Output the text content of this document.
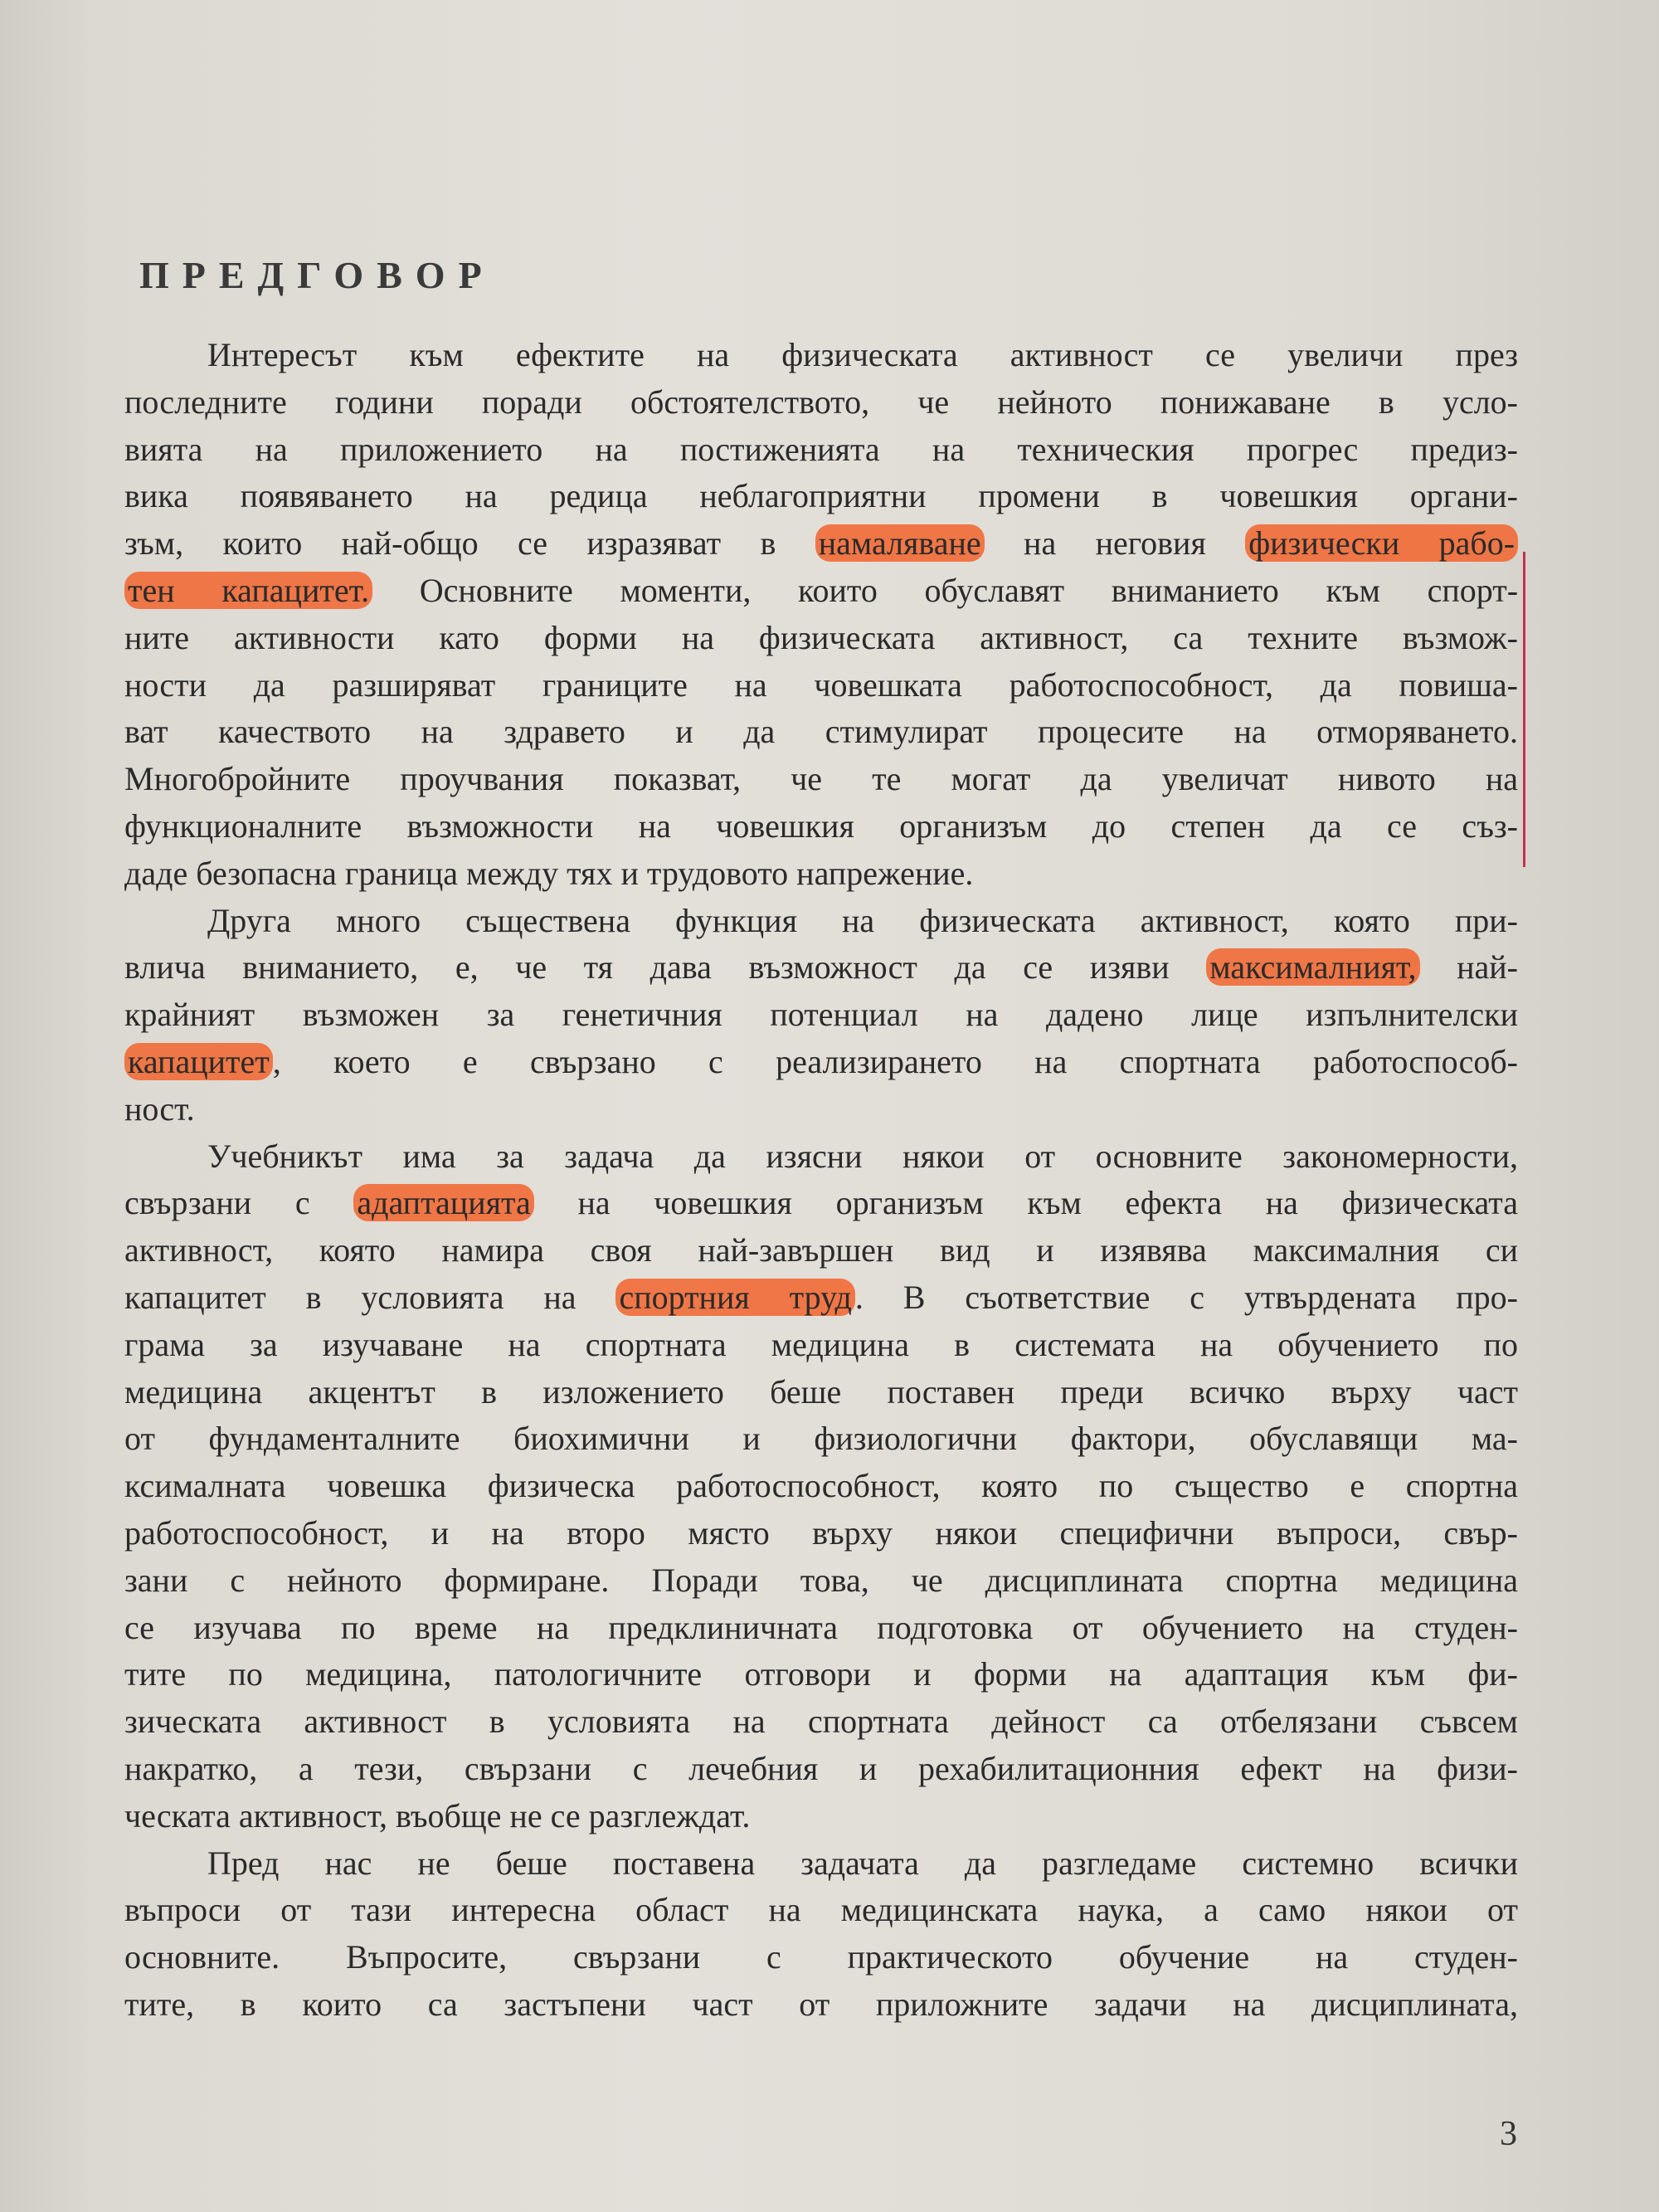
ПРЕДГОВОР
Интересът към ефектите на физическата активност се увеличи през
последните години поради обстоятелството, че нейното понижаване в усло-
вията на приложението на постиженията на техническия прогрес предиз-
вика появяването на редица неблагоприятни промени в човешкия органи-
зъм, които най-общо се изразяват в намаляване на неговия физически рабо-
тен капацитет. Основните моменти, които обуславят вниманието към спорт-
ните активности като форми на физическата активност, са техните възмож-
ности да разширяват границите на човешката работоспособност, да повиша-
ват качеството на здравето и да стимулират процесите на отморяването.
Многобройните проучвания показват, че те могат да увеличат нивото на
функционалните възможности на човешкия организъм до степен да се съз-
даде безопасна граница между тях и трудовото напрежение.
Друга много съществена функция на физическата активност, която при-
влича вниманието, е, че тя дава възможност да се изяви максималният, най-
крайният възможен за генетичния потенциал на дадено лице изпълнителски
капацитет , което е свързано с реализирането на спортната работоспособ-
ност.
Учебникът има за задача да изясни някои от основните закономерности,
свързани с адаптацията на човешкия организъм към ефекта на физическата
активност, която намира своя най-завършен вид и изявява максималния си
капацитет в условията на спортния труд . В съответствие с утвърдената про-
грама за изучаване на спортната медицина в системата на обучението по
медицина акцентът в изложението беше поставен преди всичко върху част
от фундаменталните биохимични и физиологични фактори, обуславящи ма-
ксималната човешка физическа работоспособност, която по същество е спортна
работоспособност, и на второ място върху някои специфични въпроси, свър-
зани с нейното формиране. Поради това, че дисциплината спортна медицина
се изучава по време на предклиничната подготовка от обучението на студен-
тите по медицина, патологичните отговори и форми на адаптация към фи-
зическата активност в условията на спортната дейност са отбелязани съвсем
накратко, а тези, свързани с лечебния и рехабилитационния ефект на физи-
ческата активност, въобще не се разглеждат.
Пред нас не беше поставена задачата да разгледаме системно всички
въпроси от тази интересна област на медицинската наука, а само някои от
основните. Въпросите, свързани с практическото обучение на студен-
тите, в които са застъпени част от приложните задачи на дисциплината,
3
